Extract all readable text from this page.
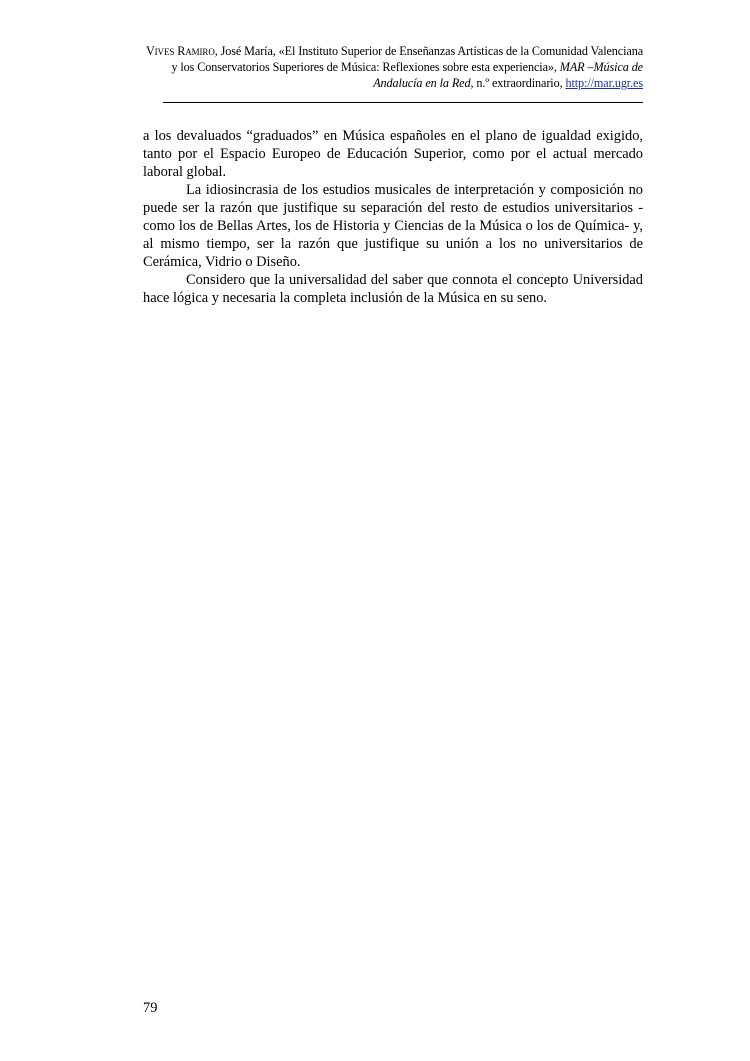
Vives Ramiro, José María, «El Instituto Superior de Enseñanzas Artísticas de la Comunidad Valenciana y los Conservatorios Superiores de Música: Reflexiones sobre esta experiencia», MAR –Música de Andalucía en la Red, n.º extraordinario, http://mar.ugr.es

a los devaluados “graduados” en Música españoles en el plano de igualdad exigido, tanto por el Espacio Europeo de Educación Superior, como por el actual mercado laboral global.

La idiosincrasia de los estudios musicales de interpretación y composición no puede ser la razón que justifique su separación del resto de estudios universitarios -como los de Bellas Artes, los de Historia y Ciencias de la Música o los de Química- y, al mismo tiempo, ser la razón que justifique su unión a los no universitarios de Cerámica, Vidrio o Diseño.

Considero que la universalidad del saber que connota el concepto Universidad hace lógica y necesaria la completa inclusión de la Música en su seno.

79
